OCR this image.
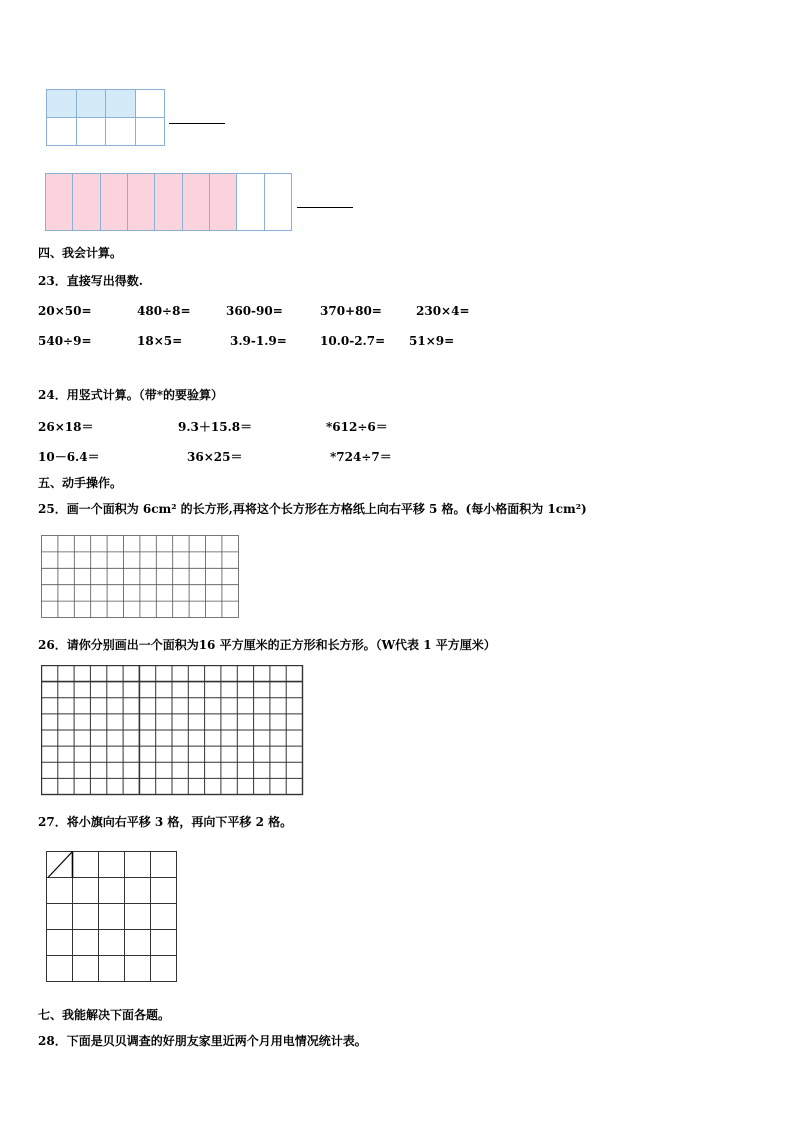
四、我会计算。
23．直接写出得数.
20×50=	480÷8=	360-90=	370+80=	230×4=
540÷9=	18×5=	3.9-1.9=	10.0-2.7= 51×9=
24．用竖式计算。（带*的要验算）
26×18＝	9.3＋15.8＝	*612÷6＝
10－6.4＝	36×25＝	*724÷7＝
五、动手操作。
25．画一个面积为 6cm² 的长方形,再将这个长方形在方格纸上向右平移 5 格。(每小格面积为 1cm²)
26．请你分别画出一个面积为16 平方厘米的正方形和长方形。（W代表 1 平方厘米）
27．将小旗向右平移 3 格，再向下平移 2 格。
七、我能解决下面各题。
28．下面是贝贝调查的好朋友家里近两个月用电情况统计表。
